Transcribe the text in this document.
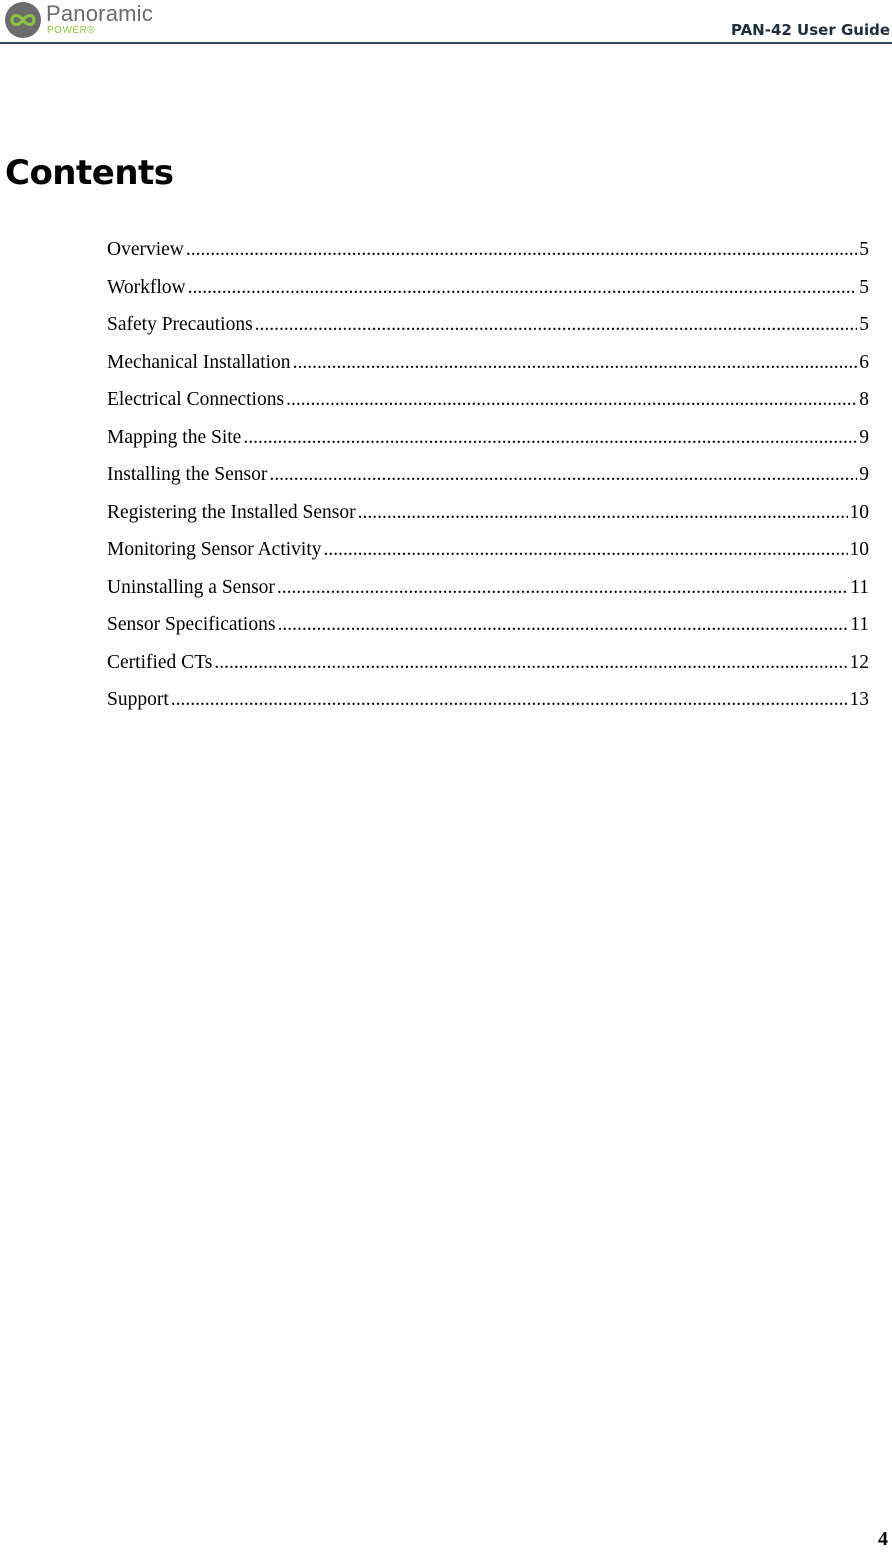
Panoramic
POWER®	PAN-42 User Guide
Contents
Overview .....	5
Workflow .....	5
Safety Precautions .....	5
Mechanical Installation .....	6
Electrical Connections .....	8
Mapping the Site .....	9
Installing the Sensor .....	9
Registering the Installed Sensor .....	10
Monitoring Sensor Activity .....	10
Uninstalling a Sensor .....	11
Sensor Specifications .....	11
Certified CTs .....	12
Support .....	13
4
